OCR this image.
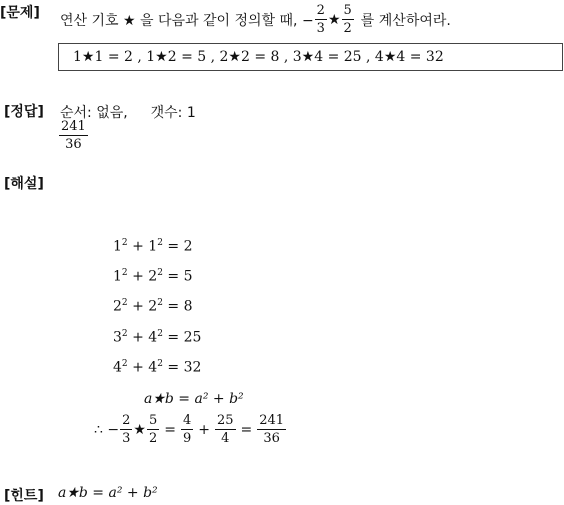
[문제] 연산 기호 ★ 을 다음과 같이 정의할 때, − $\frac{2}{3}$ ★ $\frac{5}{2}$ 를 계산하여라.
1★1 = 2 , 1★2 = 5 , 2★2 = 8 , 3★4 = 25 , 4★4 = 32
[정답] 순서: 없음, 갯수: 1
$\frac{241}{36}$
[해설]
$1^2 + 1^2 = 2$
$1^2 + 2^2 = 5$
$2^2 + 2^2 = 8$
$3^2 + 4^2 = 25$
$4^2 + 4^2 = 32$
a★b = a² + b²
∴ − $\frac{2}{3}$ ★ $\frac{5}{2} = \frac{4}{9} + \frac{25}{4} = \frac{241}{36}$
[힌트] a★b = a² + b²
